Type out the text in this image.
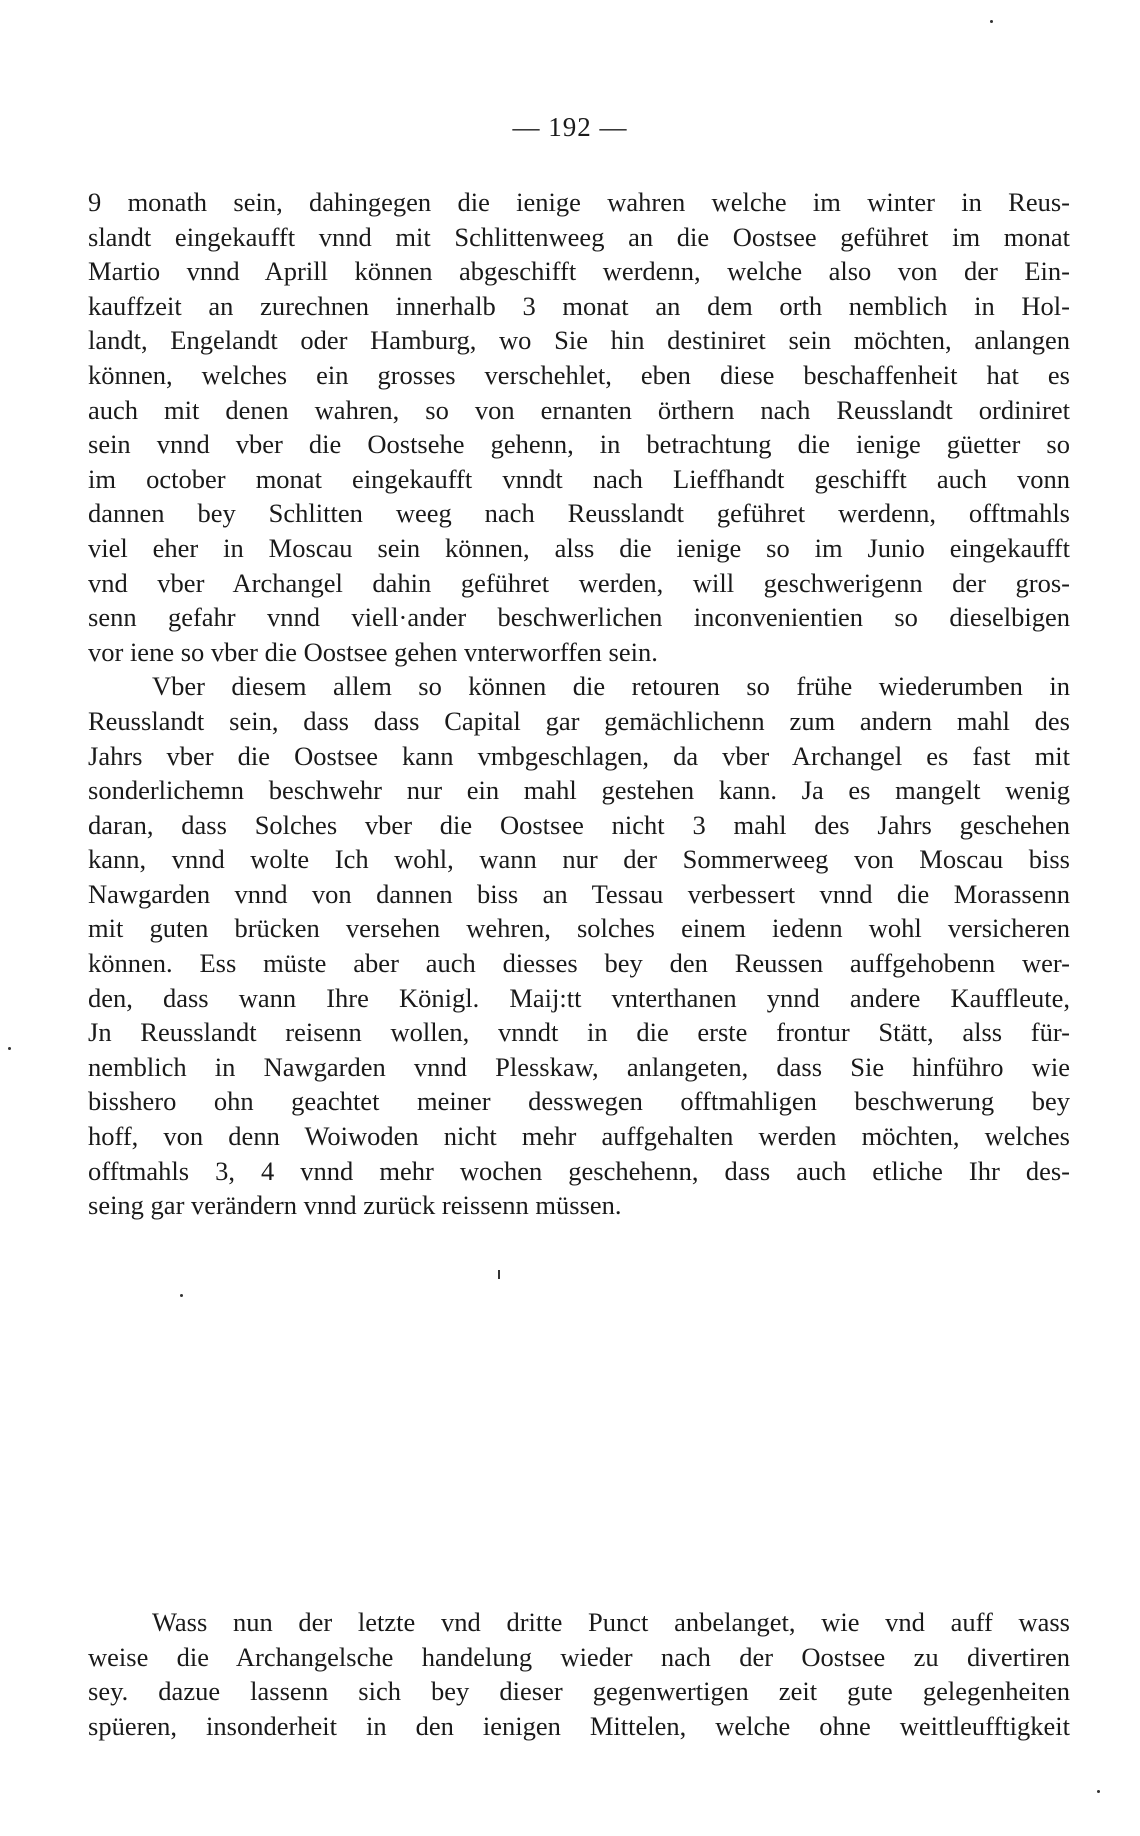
— 192 —
9 monath sein, dahingegen die ienige wahren welche im winter in Reus-
slandt eingekaufft vnnd mit Schlittenweeg an die Oostsee geführet im monat
Martio vnnd Aprill können abgeschifft werdenn, welche also von der Ein-
kauffzeit an zurechnen innerhalb 3 monat an dem orth nemblich in Hol-
landt, Engelandt oder Hamburg, wo Sie hin destiniret sein möchten, anlangen
können, welches ein grosses verschehlet, eben diese beschaffenheit hat es
auch mit denen wahren, so von ernanten örthern nach Reusslandt ordiniret
sein vnnd vber die Oostsehe gehenn, in betrachtung die ienige güetter so
im october monat eingekaufft vnndt nach Lieffhandt geschifft auch vonn
dannen bey Schlitten weeg nach Reusslandt geführet werdenn, offtmahls
viel eher in Moscau sein können, alss die ienige so im Junio eingekaufft
vnd vber Archangel dahin geführet werden, will geschwerigenn der gros-
senn gefahr vnnd viell·ander beschwerlichen inconvenientien so dieselbigen
vor iene so vber die Oostsee gehen vnterworffen sein.
Vber diesem allem so können die retouren so frühe wiederumben in
Reusslandt sein, dass dass Capital gar gemächlichenn zum andern mahl des
Jahrs vber die Oostsee kann vmbgeschlagen, da vber Archangel es fast mit
sonderlichemn beschwehr nur ein mahl gestehen kann. Ja es mangelt wenig
daran, dass Solches vber die Oostsee nicht 3 mahl des Jahrs geschehen
kann, vnnd wolte Ich wohl, wann nur der Sommerweeg von Moscau biss
Nawgarden vnnd von dannen biss an Tessau verbessert vnnd die Morassenn
mit guten brücken versehen wehren, solches einem iedenn wohl versicheren
können. Ess müste aber auch diesses bey den Reussen auffgehobenn wer-
den, dass wann Ihre Königl. Maij:tt vnterthanen ynnd andere Kauffleute,
Jn Reusslandt reisenn wollen, vnndt in die erste frontur Stätt, alss für-
nemblich in Nawgarden vnnd Plesskaw, anlangeten, dass Sie hinführo wie
bisshero ohn geachtet meiner desswegen offtmahligen beschwerung bey
hoff, von denn Woiwoden nicht mehr auffgehalten werden möchten, welches
offtmahls 3, 4 vnnd mehr wochen geschehenn, dass auch etliche Ihr des-
seing gar verändern vnnd zurück reissenn müssen.
Wass nun der letzte vnd dritte Punct anbelanget, wie vnd auff wass
weise die Archangelsche handelung wieder nach der Oostsee zu divertiren
sey. dazue lassenn sich bey dieser gegenwertigen zeit gute gelegenheiten
spüeren, insonderheit in den ienigen Mittelen, welche ohne weittleufftigkeit
